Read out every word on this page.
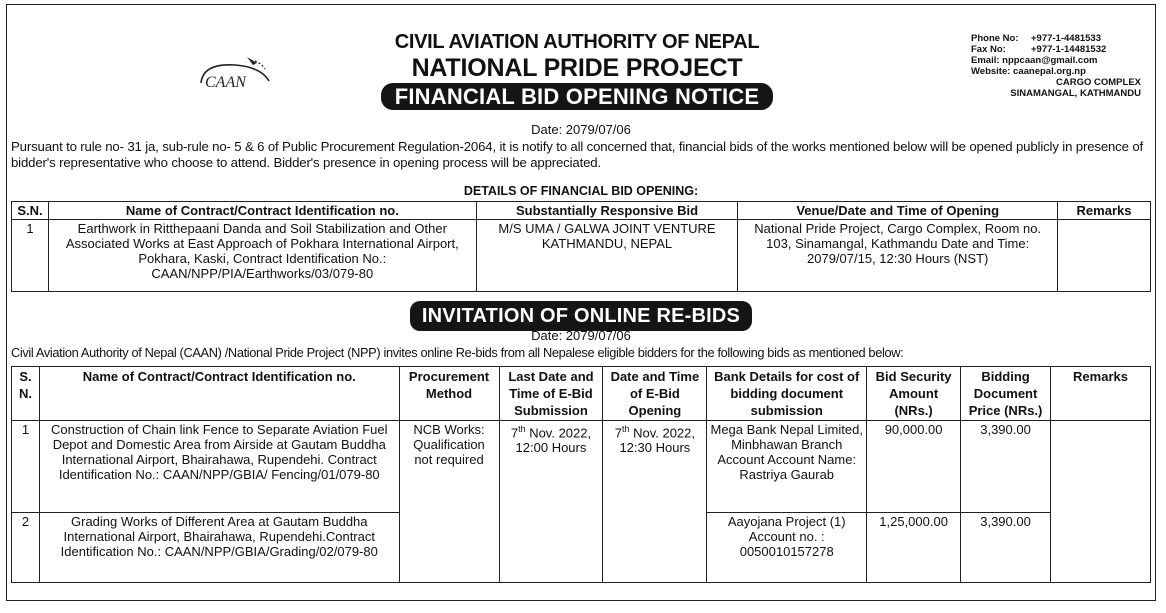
CAAN
CIVIL AVIATION AUTHORITY OF NEPAL
NATIONAL PRIDE PROJECT
FINANCIAL BID OPENING NOTICE
Phone No:	+977-1-4481533
Fax No:	+977-1-14481532
Email: nppcaan@gmail.com
Website: caanepal.org.np
CARGO COMPLEX
SINAMANGAL, KATHMANDU
Date: 2079/07/06
Pursuant to rule no- 31 ja, sub-rule no- 5 & 6 of Public Procurement Regulation-2064, it is notify to all concerned that, financial bids of the works mentioned below will be opened publicly in presence of bidder's representative who choose to attend. Bidder's presence in opening process will be appreciated.
DETAILS OF FINANCIAL BID OPENING:
S.N.	Name of Contract/Contract Identification no.	Substantially Responsive Bid	Venue/Date and Time of Opening	Remarks
1	Earthwork in Ritthepaani Danda and Soil Stabilization and Other Associated Works at East Approach of Pokhara International Airport, Pokhara, Kaski, Contract Identification No.: CAAN/NPP/PIA/Earthworks/03/079-80	M/S UMA / GALWA JOINT VENTURE KATHMANDU, NEPAL	National Pride Project, Cargo Complex, Room no. 103, Sinamangal, Kathmandu Date and Time: 2079/07/15, 12:30 Hours (NST)	
INVITATION OF ONLINE RE-BIDS
Date: 2079/07/06
Civil Aviation Authority of Nepal (CAAN) /National Pride Project (NPP) invites online Re-bids from all Nepalese eligible bidders for the following bids as mentioned below:
S. N.	Name of Contract/Contract Identification no.	Procurement Method	Last Date and Time of E-Bid Submission	Date and Time of E-Bid Opening	Bank Details for cost of bidding document submission	Bid Security Amount (NRs.)	Bidding Document Price (NRs.)	Remarks
1	Construction of Chain link Fence to Separate Aviation Fuel Depot and Domestic Area from Airside at Gautam Buddha International Airport, Bhairahawa, Rupendehi. Contract Identification No.: CAAN/NPP/GBIA/ Fencing/01/079-80	NCB Works: Qualification not required	7th Nov. 2022, 12:00 Hours	7th Nov. 2022, 12:30 Hours	Mega Bank Nepal Limited, Minbhawan Branch Account Account Name: Rastriya Gaurab	90,000.00	3,390.00	
2	Grading Works of Different Area at Gautam Buddha International Airport, Bhairahawa, Rupendehi.Contract Identification No.: CAAN/NPP/GBIA/Grading/02/079-80				Aayojana Project (1) Account no. : 0050010157278	1,25,000.00	3,390.00	
